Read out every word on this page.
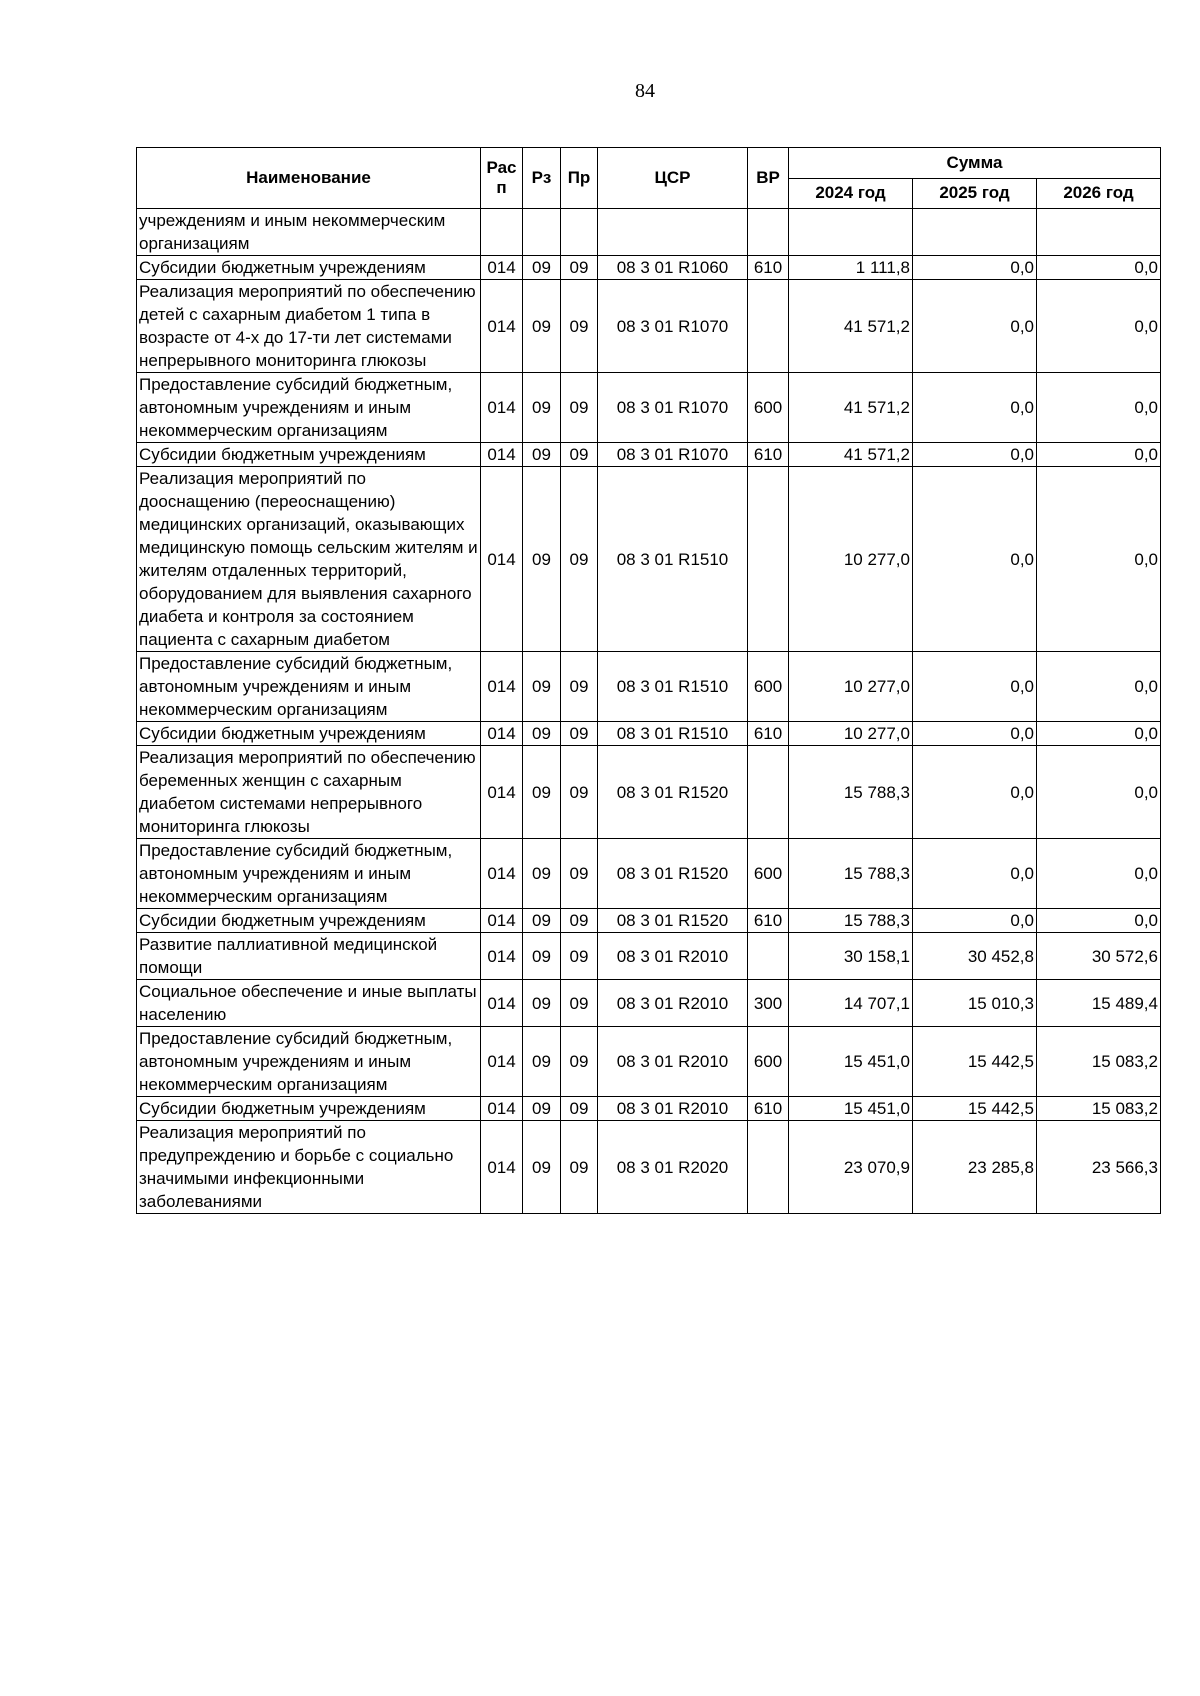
84
Наименование	Рас п	Рз	Пр	ЦСР	ВР	Сумма		
						2024 год	2025 год	2026 год
учреждениям и иным некоммерческим организациям								
Субсидии бюджетным учреждениям	014	09	09	08 3 01 R1060	610	1 111,8	0,0	0,0
Реализация мероприятий по обеспечению детей с сахарным диабетом 1 типа в возрасте от 4-х до 17-ти лет системами непрерывного мониторинга глюкозы	014	09	09	08 3 01 R1070		41 571,2	0,0	0,0
Предоставление субсидий бюджетным, автономным учреждениям и иным некоммерческим организациям	014	09	09	08 3 01 R1070	600	41 571,2	0,0	0,0
Субсидии бюджетным учреждениям	014	09	09	08 3 01 R1070	610	41 571,2	0,0	0,0
Реализация мероприятий по дооснащению (переоснащению) медицинских организаций, оказывающих медицинскую помощь сельским жителям и жителям отдаленных территорий, оборудованием для выявления сахарного диабета и контроля за состоянием пациента с сахарным диабетом	014	09	09	08 3 01 R1510		10 277,0	0,0	0,0
Предоставление субсидий бюджетным, автономным учреждениям и иным некоммерческим организациям	014	09	09	08 3 01 R1510	600	10 277,0	0,0	0,0
Субсидии бюджетным учреждениям	014	09	09	08 3 01 R1510	610	10 277,0	0,0	0,0
Реализация мероприятий по обеспечению беременных женщин с сахарным диабетом системами непрерывного мониторинга глюкозы	014	09	09	08 3 01 R1520		15 788,3	0,0	0,0
Предоставление субсидий бюджетным, автономным учреждениям и иным некоммерческим организациям	014	09	09	08 3 01 R1520	600	15 788,3	0,0	0,0
Субсидии бюджетным учреждениям	014	09	09	08 3 01 R1520	610	15 788,3	0,0	0,0
Развитие паллиативной медицинской помощи	014	09	09	08 3 01 R2010		30 158,1	30 452,8	30 572,6
Социальное обеспечение и иные выплаты населению	014	09	09	08 3 01 R2010	300	14 707,1	15 010,3	15 489,4
Предоставление субсидий бюджетным, автономным учреждениям и иным некоммерческим организациям	014	09	09	08 3 01 R2010	600	15 451,0	15 442,5	15 083,2
Субсидии бюджетным учреждениям	014	09	09	08 3 01 R2010	610	15 451,0	15 442,5	15 083,2
Реализация мероприятий по предупреждению и борьбе с социально значимыми инфекционными заболеваниями	014	09	09	08 3 01 R2020		23 070,9	23 285,8	23 566,3
